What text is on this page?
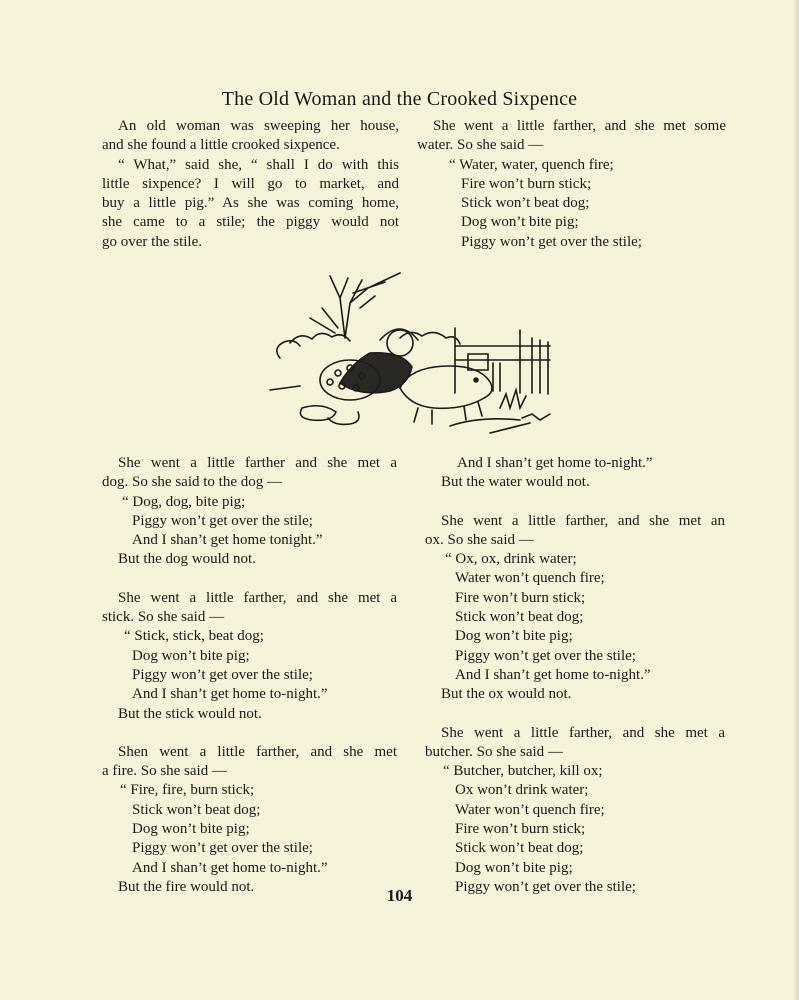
The Old Woman and the Crooked Sixpence

An old woman was sweeping her house,

and she found a little crooked sixpence.

“ What,” said she, “ shall I do with this

little sixpence? I will go to market, and

buy a little pig.” As she was coming home,

she came to a stile; the piggy would not

go over the stile.

She went a little farther, and she met some

water. So she said —

“ Water, water, quench fire;

Fire won’t burn stick;

Stick won’t beat dog;

Dog won’t bite pig;

Piggy won’t get over the stile;

She went a little farther and she met a

dog. So she said to the dog —

“ Dog, dog, bite pig;

Piggy won’t get over the stile;

And I shan’t get home tonight.”

But the dog would not.

She went a little farther, and she met a

stick. So she said —

“ Stick, stick, beat dog;

Dog won’t bite pig;

Piggy won’t get over the stile;

And I shan’t get home to-night.”

But the stick would not.

Shen went a little farther, and she met

a fire. So she said —

“ Fire, fire, burn stick;

Stick won’t beat dog;

Dog won’t bite pig;

Piggy won’t get over the stile;

And I shan’t get home to-night.”

But the fire would not.

And I shan’t get home to-night.”

But the water would not.

She went a little farther, and she met an

ox. So she said —

“ Ox, ox, drink water;

Water won’t quench fire;

Fire won’t burn stick;

Stick won’t beat dog;

Dog won’t bite pig;

Piggy won’t get over the stile;

And I shan’t get home to-night.”

But the ox would not.

She went a little farther, and she met a

butcher. So she said —

“ Butcher, butcher, kill ox;

Ox won’t drink water;

Water won’t quench fire;

Fire won’t burn stick;

Stick won’t beat dog;

Dog won’t bite pig;

Piggy won’t get over the stile;

104
